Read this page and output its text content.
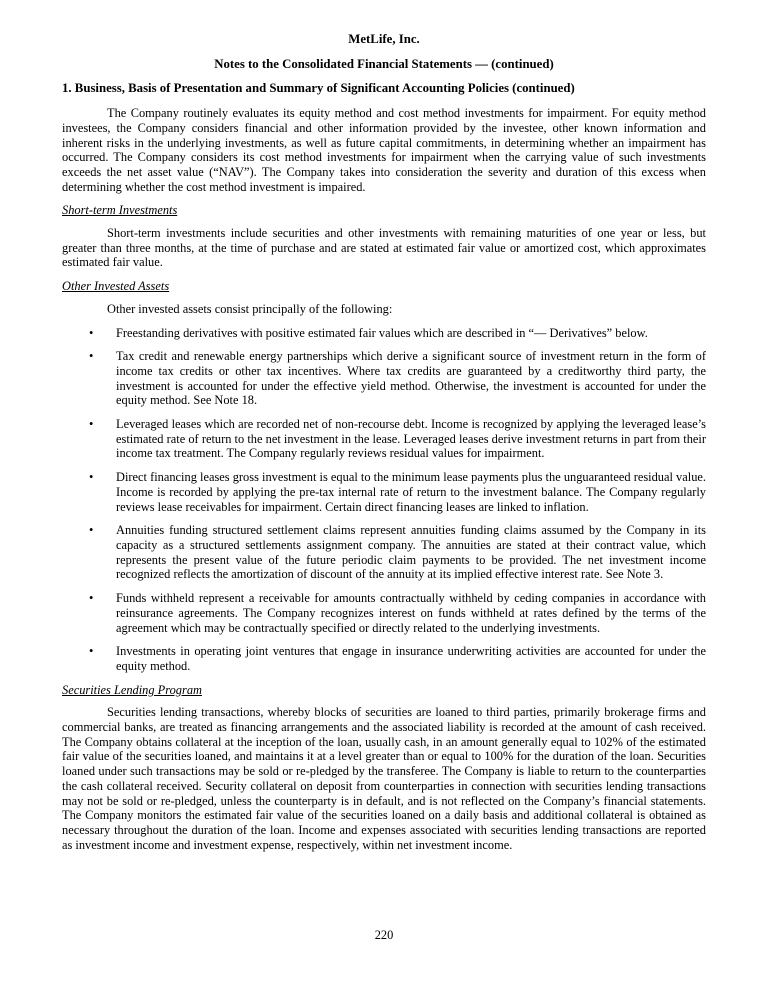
MetLife, Inc.
Notes to the Consolidated Financial Statements — (continued)
1. Business, Basis of Presentation and Summary of Significant Accounting Policies (continued)

The Company routinely evaluates its equity method and cost method investments for impairment. For equity method investees, the Company considers financial and other information provided by the investee, other known information and inherent risks in the underlying investments, as well as future capital commitments, in determining whether an impairment has occurred. The Company considers its cost method investments for impairment when the carrying value of such investments exceeds the net asset value (“NAV”). The Company takes into consideration the severity and duration of this excess when determining whether the cost method investment is impaired.

Short-term Investments

Short-term investments include securities and other investments with remaining maturities of one year or less, but greater than three months, at the time of purchase and are stated at estimated fair value or amortized cost, which approximates estimated fair value.

Other Invested Assets

Other invested assets consist principally of the following:

• Freestanding derivatives with positive estimated fair values which are described in “— Derivatives” below.
• Tax credit and renewable energy partnerships which derive a significant source of investment return in the form of income tax credits or other tax incentives. Where tax credits are guaranteed by a creditworthy third party, the investment is accounted for under the effective yield method. Otherwise, the investment is accounted for under the equity method. See Note 18.
• Leveraged leases which are recorded net of non-recourse debt. Income is recognized by applying the leveraged lease’s estimated rate of return to the net investment in the lease. Leveraged leases derive investment returns in part from their income tax treatment. The Company regularly reviews residual values for impairment.
• Direct financing leases gross investment is equal to the minimum lease payments plus the unguaranteed residual value. Income is recorded by applying the pre-tax internal rate of return to the investment balance. The Company regularly reviews lease receivables for impairment. Certain direct financing leases are linked to inflation.
• Annuities funding structured settlement claims represent annuities funding claims assumed by the Company in its capacity as a structured settlements assignment company. The annuities are stated at their contract value, which represents the present value of the future periodic claim payments to be provided. The net investment income recognized reflects the amortization of discount of the annuity at its implied effective interest rate. See Note 3.
• Funds withheld represent a receivable for amounts contractually withheld by ceding companies in accordance with reinsurance agreements. The Company recognizes interest on funds withheld at rates defined by the terms of the agreement which may be contractually specified or directly related to the underlying investments.
• Investments in operating joint ventures that engage in insurance underwriting activities are accounted for under the equity method.
Securities Lending Program

Securities lending transactions, whereby blocks of securities are loaned to third parties, primarily brokerage firms and commercial banks, are treated as financing arrangements and the associated liability is recorded at the amount of cash received. The Company obtains collateral at the inception of the loan, usually cash, in an amount generally equal to 102% of the estimated fair value of the securities loaned, and maintains it at a level greater than or equal to 100% for the duration of the loan. Securities loaned under such transactions may be sold or re-pledged by the transferee. The Company is liable to return to the counterparties the cash collateral received. Security collateral on deposit from counterparties in connection with securities lending transactions may not be sold or re-pledged, unless the counterparty is in default, and is not reflected on the Company’s financial statements. The Company monitors the estimated fair value of the securities loaned on a daily basis and additional collateral is obtained as necessary throughout the duration of the loan. Income and expenses associated with securities lending transactions are reported as investment income and investment expense, respectively, within net investment income.

220
